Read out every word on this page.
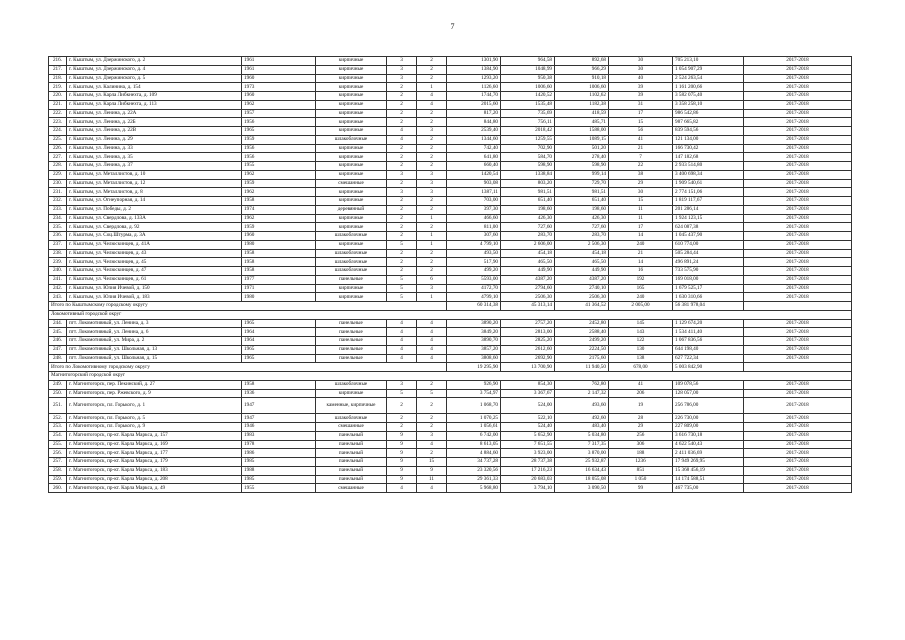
7
216.	г. Кыштым, ул. Дзержинского, д. 2	1961	кирпичные	3	2	1301,90	964,58	892,68	30	705 213,10	2017-2018
217.	г. Кыштым, ул. Дзержинского, д. 4	1961	кирпичные	3	2	1384,90	1048,99	966,29	30	1 054 907,29	2017-2018
218.	г. Кыштым, ул. Дзержинского, д. 5	1960	кирпичные	3	2	1293,20	950,38	910,18	40	2 524 263,54	2017-2018
219.	г. Кыштым, ул. Калинина, д. 154	1973	кирпичные	2	1	1126,60	1006,60	1006,60	39	1 161 200,66	2017-2018
220.	г. Кыштым, ул. Карла Либкнехта, д. 109	1960	кирпичные	2	4	1744,70	1420,52	1102,62	39	3 582 075,40	2017-2018
221.	г. Кыштым, ул. Карла Либкнехта, д. 113	1962	кирпичные	2	4	2015,60	1535,48	1182,38	31	3 358 258,10	2017-2018
222.	г. Кыштым, ул. Ленина, д. 22А	1957	кирпичные	2	2	817,20	735,69	418,59	17	986 542,86	2017-2018
223.	г. Кыштым, ул. Ленина, д. 22Б	1956	кирпичные	2	2	844,80	756,11	485,71	15	987 665,82	2017-2018
224.	г. Кыштым, ул. Ленина, д. 22В	1965	кирпичные	4	3	2539,40	2018,42	1588,00	56	839 594,56	2017-2018
225.	г. Кыштым, ул. Ленина, д. 29	1959	шлакоблочные	4	2	1344,60	1259,55	1089,15	41	121 134,00	2017-2018
226.	г. Кыштым, ул. Ленина, д. 33	1956	кирпичные	2	2	742,40	702,90	501,20	21	166 730,42	2017-2018
227.	г. Кыштым, ул. Ленина, д. 35	1956	кирпичные	2	2	641,80	584,70	278,40	7	147 182,68	2017-2018
228.	г. Кыштым, ул. Ленина, д. 37	1955	кирпичные	2	2	660,40	598,90	598,90	22	2 933 514,80	2017-2018
229.	г. Кыштым, ул. Металлистов, д. 10	1962	кирпичные	3	3	1420,54	1338,84	999,14	38	3 400 698,34	2017-2018
230.	г. Кыштым, ул. Металлистов, д. 12	1959	смешанные	2	3	903,08	803,20	729,70	29	1 909 540,61	2017-2018
231.	г. Кыштым, ул. Металлистов, д. 8	1962	кирпичные	3	3	1387,11	981,51	981,51	30	2 774 151,06	2017-2018
232.	г. Кыштым, ул. Огнеупорная, д. 14	1958	кирпичные	2	2	703,00	651,40	651,40	15	1 819 117,67	2017-2018
233.	г. Кыштым, ул. Победы, д. 2	1974	деревянный	2	2	397,30	198,60	198,60	11	201 286,14	2017-2018
234.	г. Кыштым, ул. Свердлова, д. 133А	1962	кирпичные	2	1	466,60	426,30	426,30	11	1 924 123,15	2017-2018
235.	г. Кыштым, ул. Свердлова, д. 92	1959	кирпичные	2	2	811,00	727,60	727,60	17	624 087,38	2017-2018
236.	г. Кыштым, ул. Соц.Штурма, д. 3А	1960	шлакоблочные	2	1	307,60	283,70	283,70	14	1 045 437,90	2017-2018
237.	г. Кыштым, ул. Челюскинцев, д. 41А	1980	кирпичные	5	1	4 799,10	2 606,00	2 506,30	240	610 774,00	2017-2018
238.	г. Кыштым, ул. Челюскинцев, д. 43	1958	шлакоблочные	2	2	493,50	454,18	454,18	21	505 284,44	2017-2018
239.	г. Кыштым, ул. Челюскинцев, д. 45	1958	шлакоблочные	2	2	517,90	465,50	465,50	14	496 891,24	2017-2018
240.	г. Кыштым, ул. Челюскинцев, д. 47	1958	шлакоблочные	2	2	499,20	449,90	449,90	16	733 575,90	2017-2018
241.	г. Кыштым, ул. Челюскинцев, д. 61	1977	панельные	5	6	5593,00	4387,20	4387,20	192	169 018,00	2017-2018
242.	г. Кыштым, ул. Юлия Ичевой, д. 150	1971	кирпичные	5	3	4172,70	2794,60	2740,10	165	1 679 525,17	2017-2018
243.	г. Кыштым, ул. Юлия Ичевой, д. 183	1980	кирпичные	5	1	4799,10	2506,30	2506,30	240	1 630 310,66	2017-2018
Итого по Кыштымскому городскому округу						60 314,38	45 313,14	41 364,52	2 005,00	56 381 978,04	
Локомотивный городской округ											
244.	пгт. Локомотивный, ул. Ленина, д. 3	1965	панельные	4	4	3890,20	2757,20	2452,80	145	1 129 674,20	2017-2018
245.	пгт. Локомотивный, ул. Ленина, д. 6	1964	панельные	4	4	3849,20	2813,00	2588,40	143	1 534 411,40	2017-2018
246.	пгт. Локомотивный, ул. Мира, д. 2	1964	панельные	4	4	3890,70	2825,20	2499,20	122	1 067 836,56	2017-2018
247.	пгт. Локомотивный, ул. Школьная, д. 13	1965	панельные	4	4	3857,20	2612,60	2224,50	130	644 198,40	2017-2018
248.	пгт. Локомотивный, ул. Школьная, д. 15	1965	панельные	4	4	3808,60	2692,90	2175,60	138	627 722,34	2017-2018
Итого по Локомотивному городскому округу						19 295,90	13 700,90	11 940,50	678,00	5 003 842,90	
Магнитогорский городской округ											
249.	г. Магнитогорск, пер. Пекинский, д. 27	1958	шлакоблочные	3	2	926,90	854,30	762,80	41	109 078,56	2017-2018
250.	г. Магнитогорск, пер. Ржевского, д. 9	1936	кирпичные	5	5	3 754,97	3 367,67	2 147,32	206	128 057,00	2017-2018
251.	г. Магнитогорск, пл. Горького, д. 1	1947	каменные, кирпичные	2	2	1 068,70	524,00	493,60	19	256 786,00	2017-2018
252.	г. Магнитогорск, пл. Горького, д. 5	1947	шлакоблочные	2	2	1 070,25	522,10	492,60	28	226 730,00	2017-2018
253.	г. Магнитогорск, пл. Горького, д. 9	1946	смешанные	2	2	1 056,61	524,40	483,40	29	227 809,00	2017-2018
254.	г. Магнитогорск, пр-кт. Карла Маркса, д. 157	1983	панельный	9	3	6 742,00	5 652,90	5 034,80	256	3 616 730,18	2017-2018
255.	г. Магнитогорск, пр-кт. Карла Маркса, д. 169	1978	панельный	9	4	8 613,05	7 651,55	7 317,35	306	4 622 540,43	2017-2018
256.	г. Магнитогорск, пр-кт. Карла Маркса, д. 177	1986	панельный	9	2	4 884,60	3 923,00	3 870,00	188	2 411 036,69	2017-2018
257.	г. Магнитогорск, пр-кт. Карла Маркса, д. 179	1985	панельный	9	15	34 737,28	28 737,38	25 932,87	1236	17 949 269,95	2017-2018
258.	г. Магнитогорск, пр-кт. Карла Маркса, д. 183	1988	панельный	9	9	23 320,56	17 216,23	16 634,43	851	15 368 456,19	2017-2018
259.	г. Магнитогорск, пр-кт. Карла Маркса, д. 208	1985	панельный	9	11	29 361,33	20 683,03	18 055,08	1 050	14 174 588,51	2017-2018
260.	г. Магнитогорск, пр-кт. Карла Маркса, д. 49	1955	смешанные	4	4	5 968,80	3 794,10	3 090,50	99	467 735,00	2017-2018
